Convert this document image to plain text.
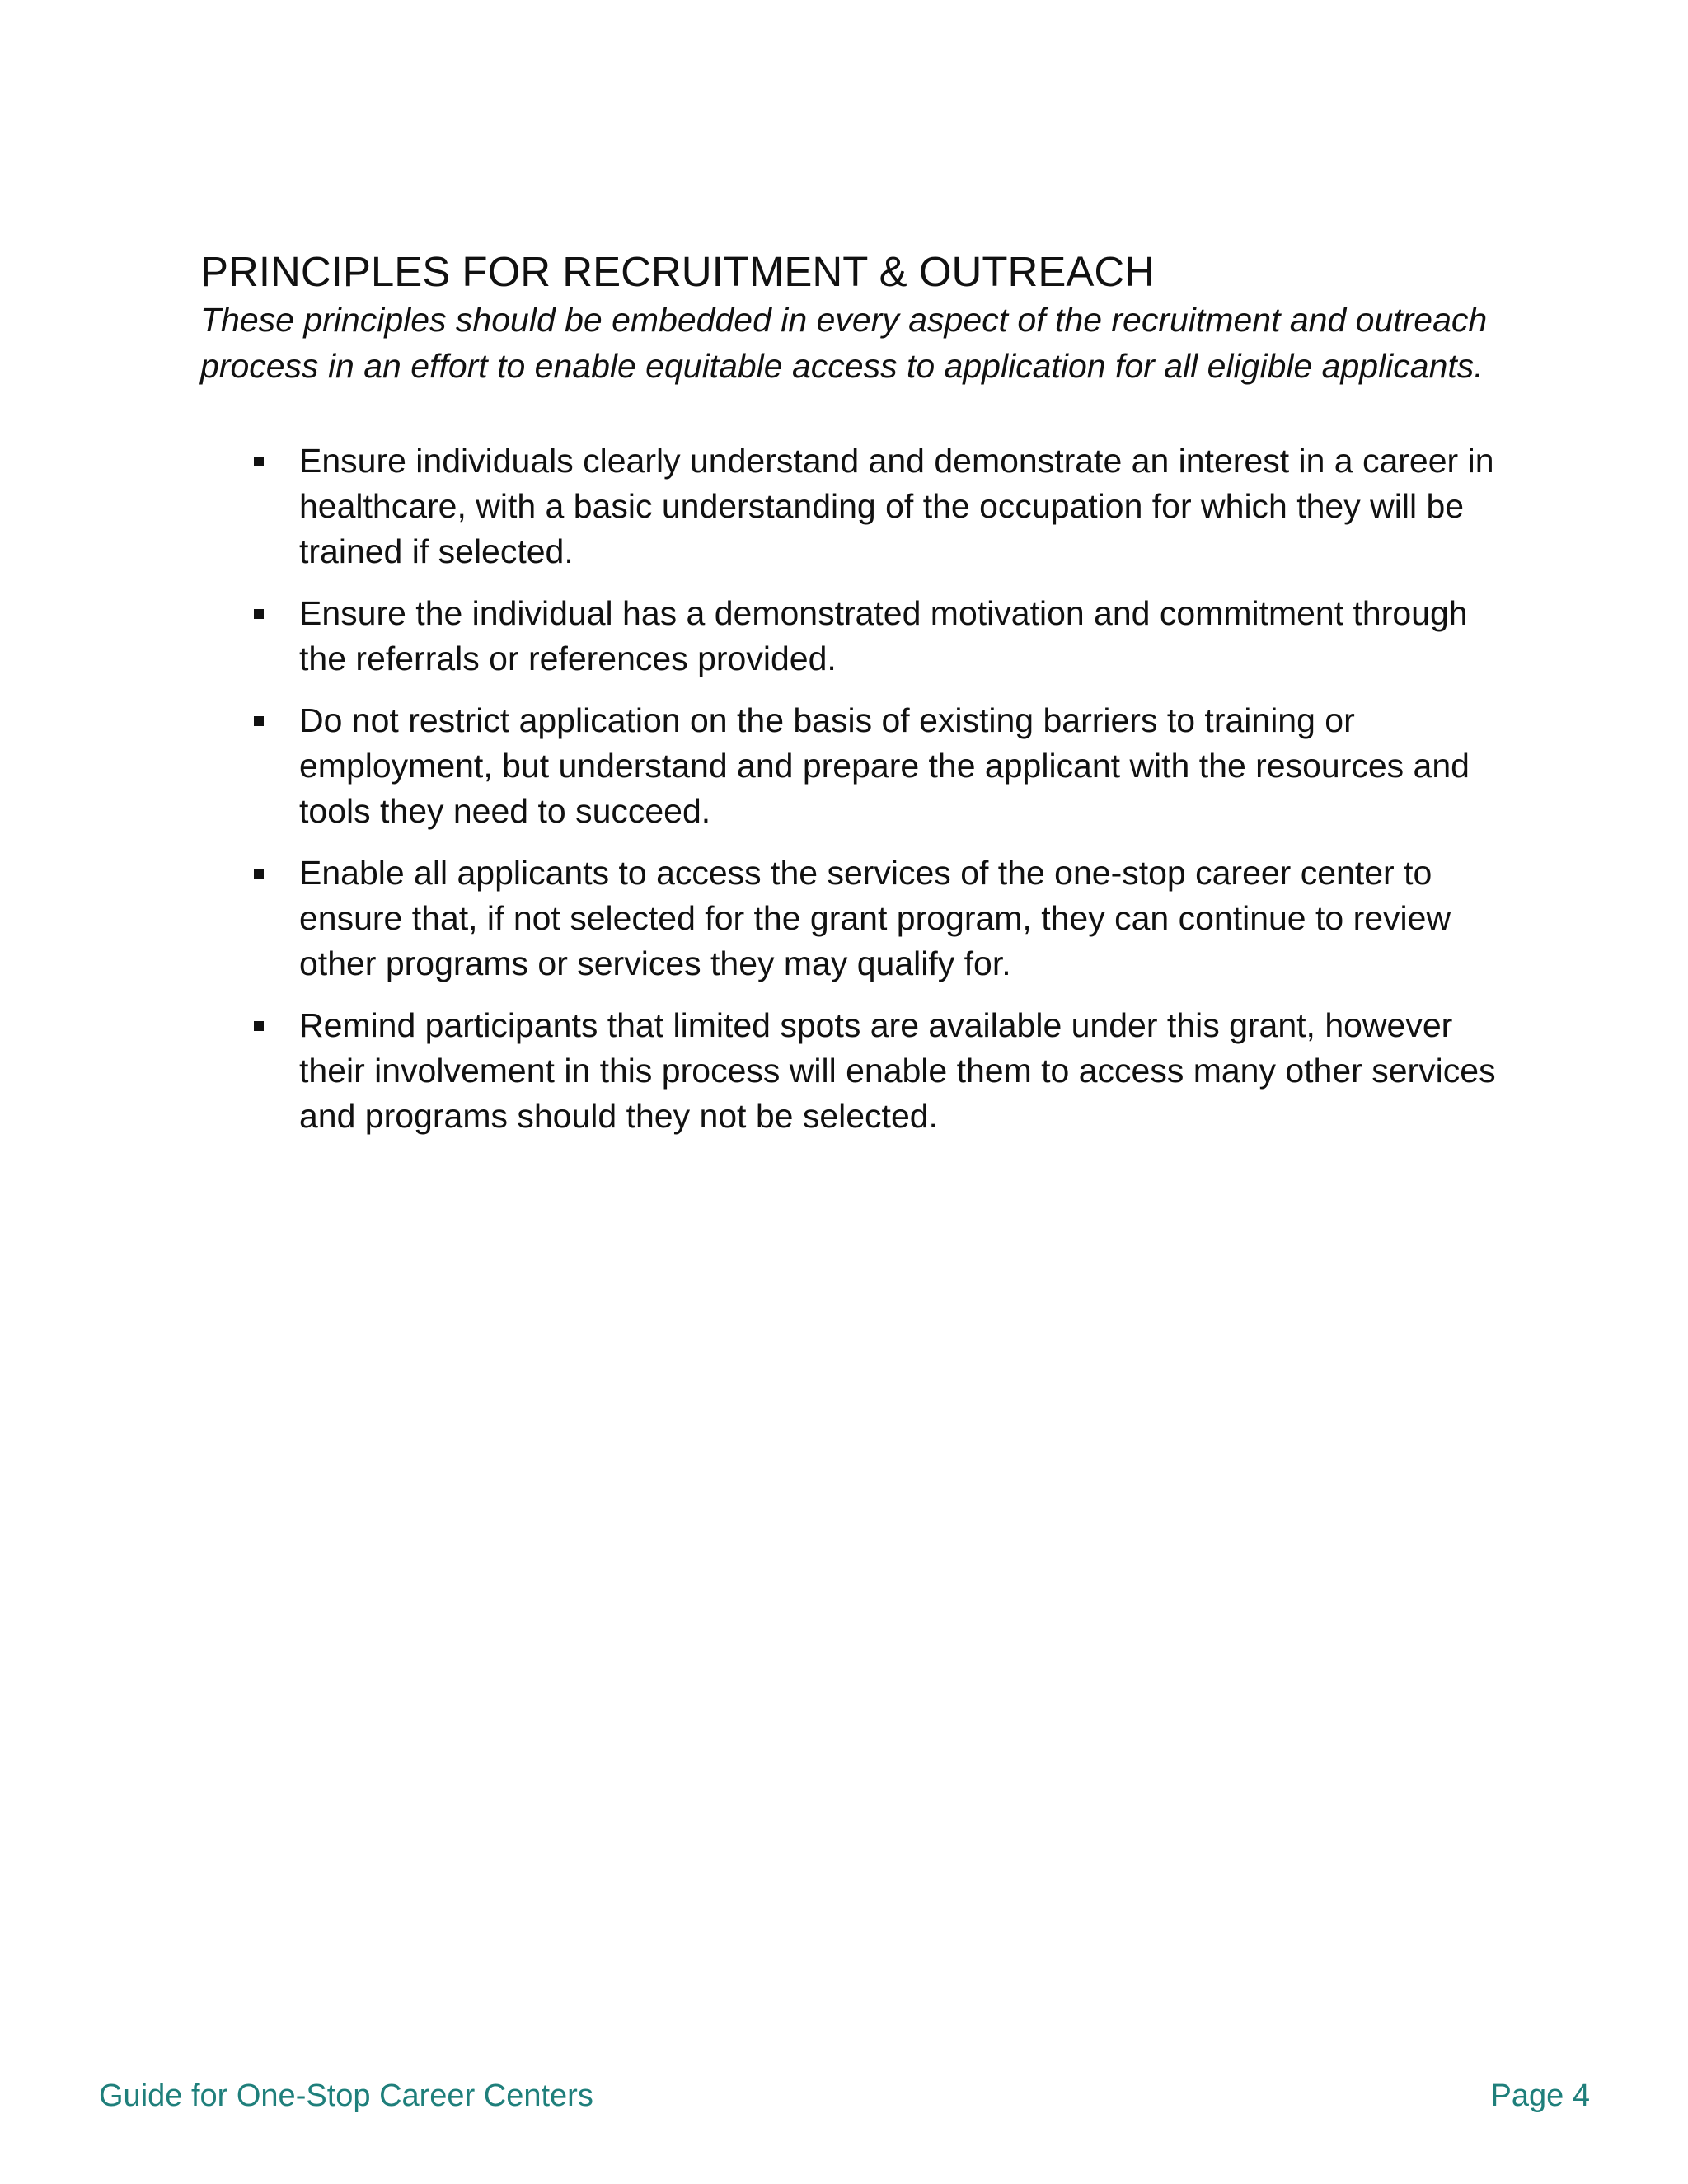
PRINCIPLES FOR RECRUITMENT & OUTREACH

These principles should be embedded in every aspect of the recruitment and outreach process in an effort to enable equitable access to application for all eligible applicants.

Ensure individuals clearly understand and demonstrate an interest in a career in healthcare, with a basic understanding of the occupation for which they will be trained if selected.
Ensure the individual has a demonstrated motivation and commitment through the referrals or references provided.
Do not restrict application on the basis of existing barriers to training or employment, but understand and prepare the applicant with the resources and tools they need to succeed.
Enable all applicants to access the services of the one-stop career center to ensure that, if not selected for the grant program, they can continue to review other programs or services they may qualify for.
Remind participants that limited spots are available under this grant, however their involvement in this process will enable them to access many other services and programs should they not be selected.
Guide for One-Stop Career Centers	Page 4
